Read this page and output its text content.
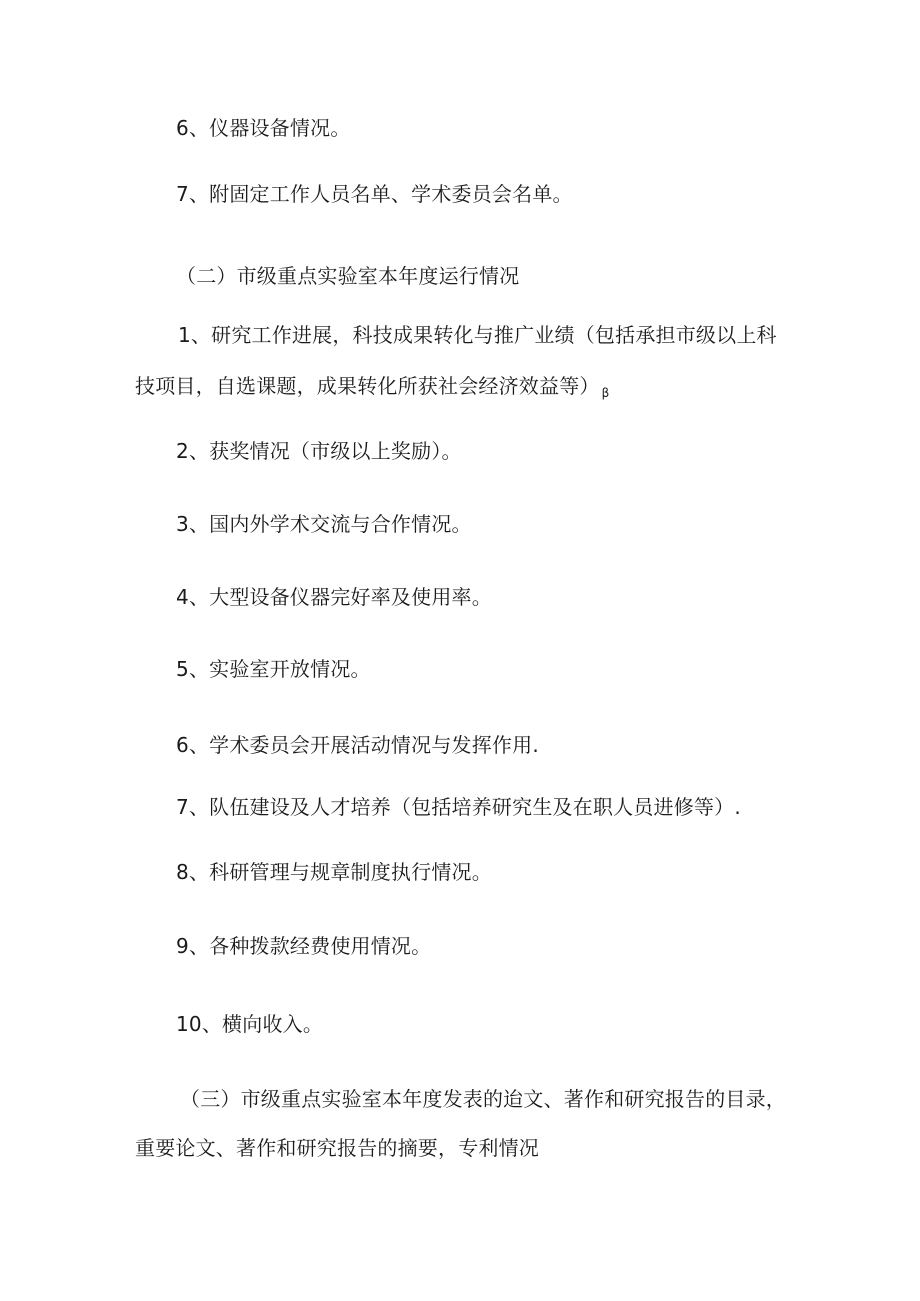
6、仪器设备情况。
7、附固定工作人员名单、学术委员会名单。
（二）市级重点实验室本年度运行情况
1、研究工作进展，科技成果转化与推广业绩（包括承担市级以上科
技项目，自选课题，成果转化所获社会经济效益等） $_\beta$
2、获奖情况（市级以上奖励）。
3、国内外学术交流与合作情况。
4、大型设备仪器完好率及使用率。
5、实验室开放情况。
6、学术委员会开展活动情况与发挥作用.
7、队伍建设及人才培养（包括培养研究生及在职人员进修等）.
8、科研管理与规章制度执行情况。
9、各种拨款经费使用情况。
10、横向收入。
（三）市级重点实验室本年度发表的迨文、著作和研究报告的目录，
重要论文、著作和研究报告的摘要，专利情况
